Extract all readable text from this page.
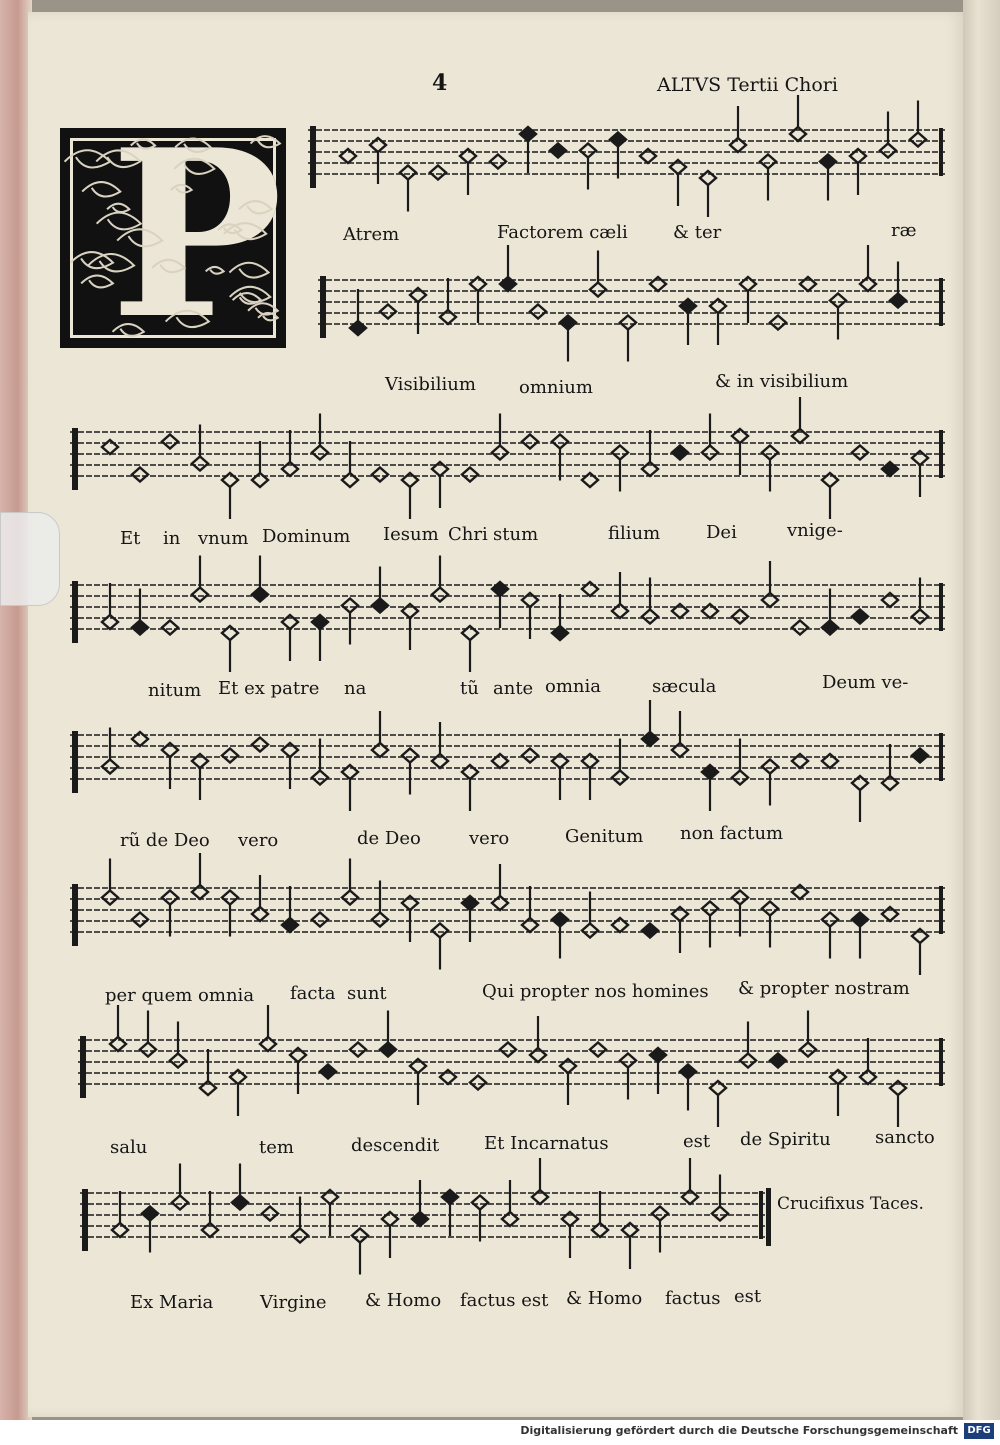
4	ALTVS Tertii Chori
P	Atrem	Factorem cæli	& ter	ræ
Visibilium omnium	& in visibilium
Et in vnum Dominum Iesum Chri stum	filium	Dei	vnige-
nitum Et ex patre na	tũ ante omnia	sæcula	Deum ve-
rũ de Deo vero	de Deo	vero	Genitum non factum
per quem omnia facta sunt	Qui propter nos homines & propter nostram
salu	tem	descendit Et Incarnatus	est de Spiritu sancto
Crucifixus Taces.
Ex Maria	Virgine & Homo factus est & Homo factus est
Digitalisierung gefördert durch die Deutsche Forschungsgemeinschaft DFG
